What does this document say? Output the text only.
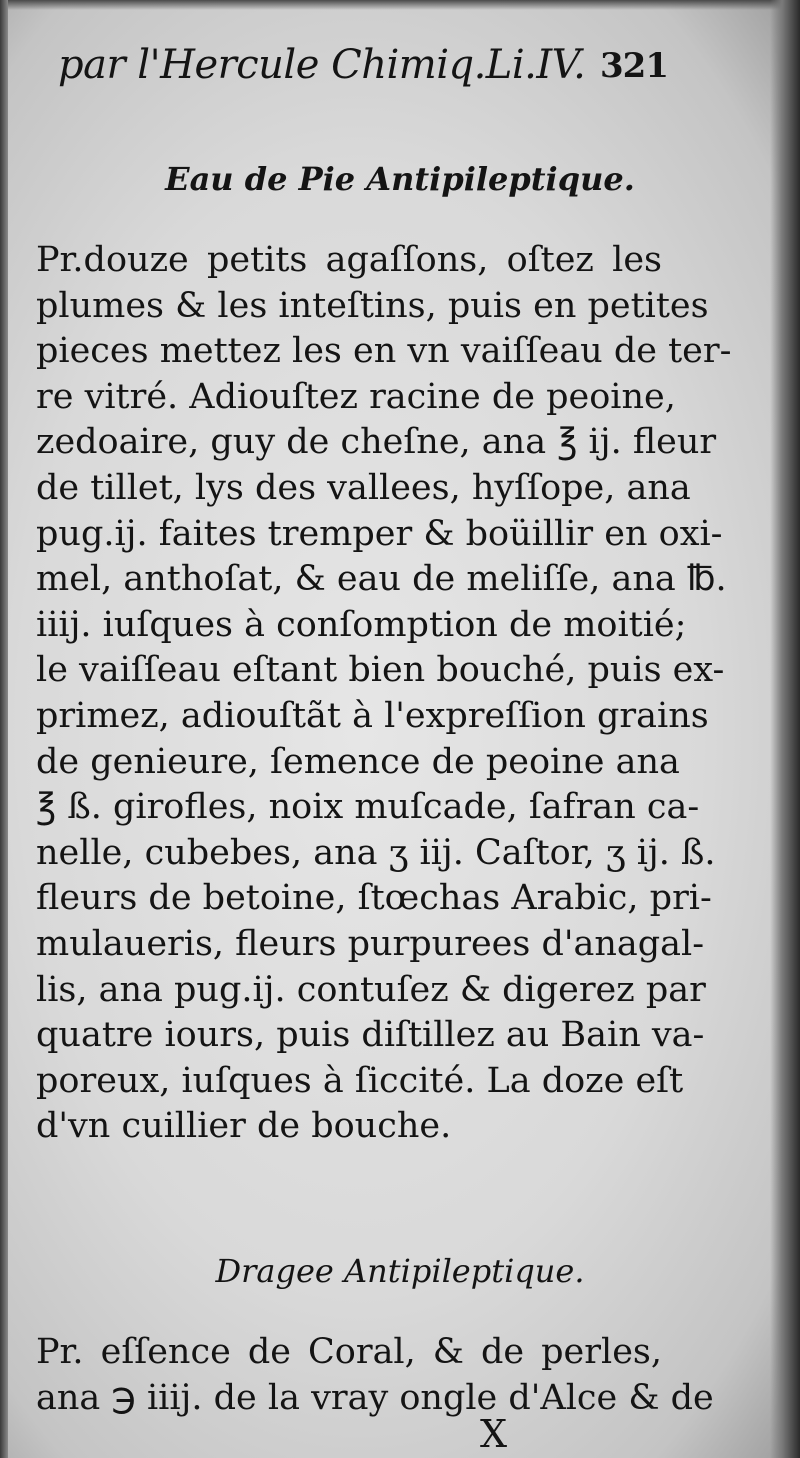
par l'Hercule Chimiq.Li.IV. 321
Eau de Pie Antipileptique.
Pr.douze petits agaſſons, oſtez les
plumes & les inteſtins, puis en petites
pieces mettez les en vn vaiſſeau de ter-
re vitré. Adiouſtez racine de peoine,
zedoaire, guy de cheſne, ana ℥ ij. fleur
de tillet, lys des vallees, hyſſope, ana
pug.ij. faites tremper & boüillir en oxi-
mel, anthoſat, & eau de meliſſe, ana ℔.
iiij. iuſques à conſomption de moitié;
le vaiſſeau eſtant bien bouché, puis ex-
primez, adiouſtãt à l'expreſſion grains
de genieure, ſemence de peoine ana
℥ ß. girofles, noix muſcade, ſafran ca-
nelle, cubebes, ana ʒ iij. Caſtor, ʒ ij. ß.
fleurs de betoine, ſtœchas Arabic, pri-
mulaueris, fleurs purpurees d'anagal-
lis, ana pug.ij. contuſez & digerez par
quatre iours, puis diſtillez au Bain va-
poreux, iuſques à ſiccité. La doze eſt
d'vn cuillier de bouche.
Dragee Antipileptique.
Pr. eſſence de Coral, & de perles,
ana ℈ iiij. de la vray ongle d'Alce & de
X
